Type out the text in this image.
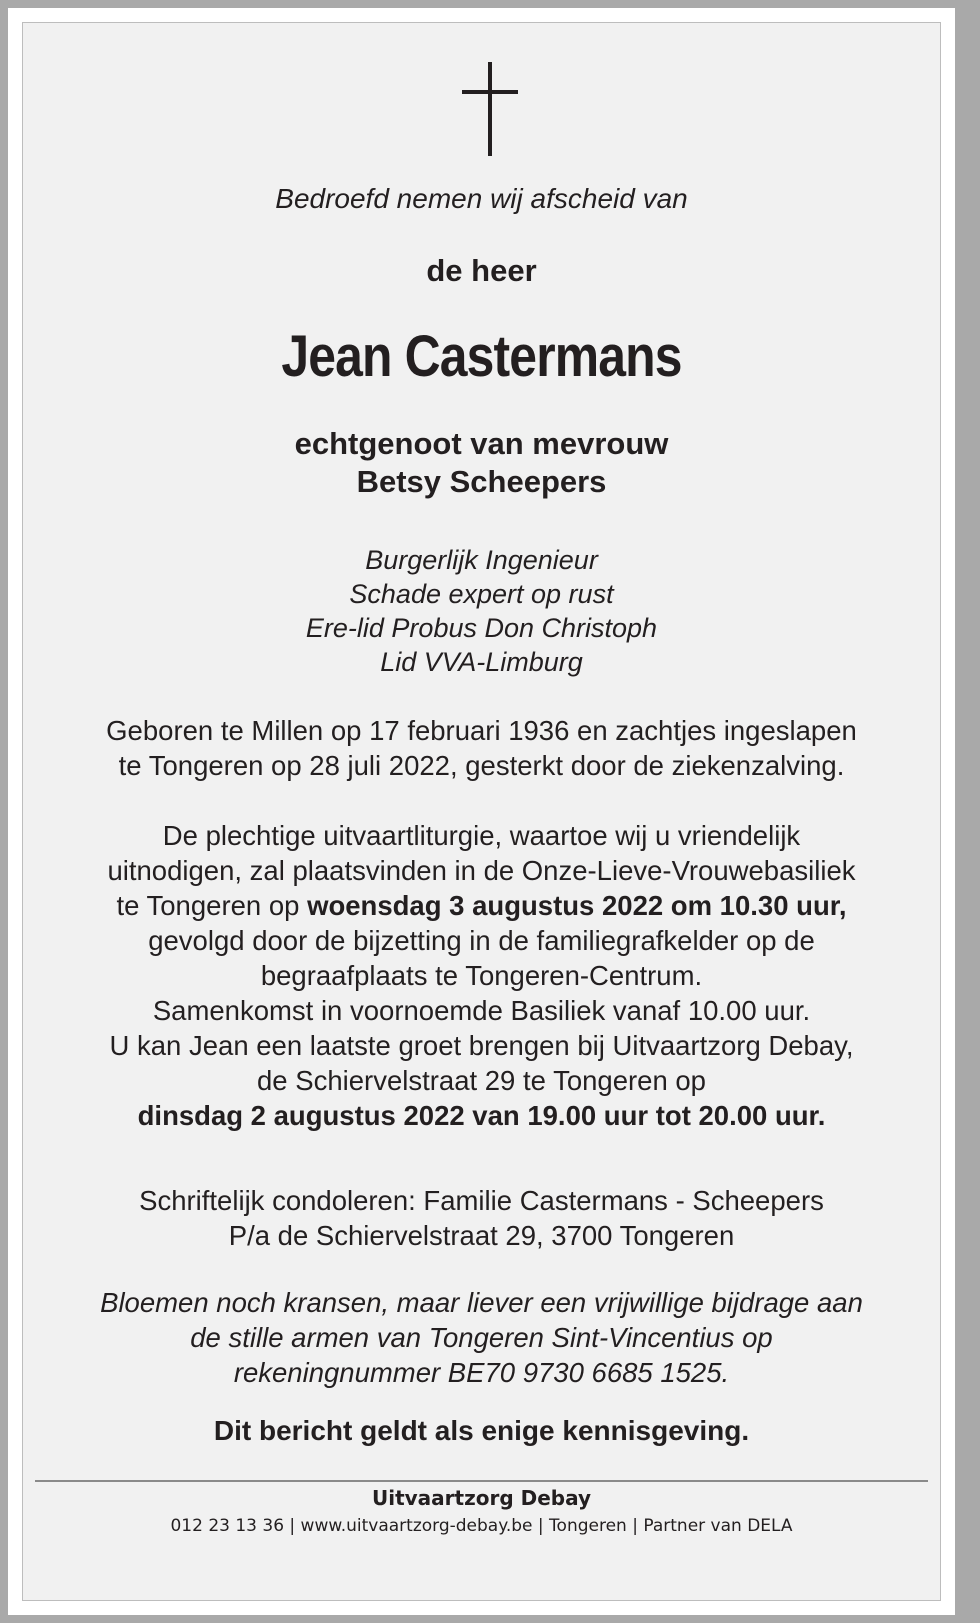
Bedroefd nemen wij afscheid van
de heer
Jean Castermans
echtgenoot van mevrouw
Betsy Scheepers
Burgerlijk Ingenieur
Schade expert op rust
Ere-lid Probus Don Christoph
Lid VVA-Limburg
Geboren te Millen op 17 februari 1936 en zachtjes ingeslapen
te Tongeren op 28 juli 2022, gesterkt door de ziekenzalving.
De plechtige uitvaartliturgie, waartoe wij u vriendelijk
uitnodigen, zal plaatsvinden in de Onze-Lieve-Vrouwebasiliek
te Tongeren op woensdag 3 augustus 2022 om 10.30 uur,
gevolgd door de bijzetting in de familiegrafkelder op de
begraafplaats te Tongeren-Centrum.
Samenkomst in voornoemde Basiliek vanaf 10.00 uur.
U kan Jean een laatste groet brengen bij Uitvaartzorg Debay,
de Schiervelstraat 29 te Tongeren op
dinsdag 2 augustus 2022 van 19.00 uur tot 20.00 uur.
Schriftelijk condoleren: Familie Castermans - Scheepers
P/a de Schiervelstraat 29, 3700 Tongeren
Bloemen noch kransen, maar liever een vrijwillige bijdrage aan
de stille armen van Tongeren Sint-Vincentius op
rekeningnummer BE70 9730 6685 1525.
Dit bericht geldt als enige kennisgeving.
Uitvaartzorg Debay
012 23 13 36 | www.uitvaartzorg-debay.be | Tongeren | Partner van DELA
